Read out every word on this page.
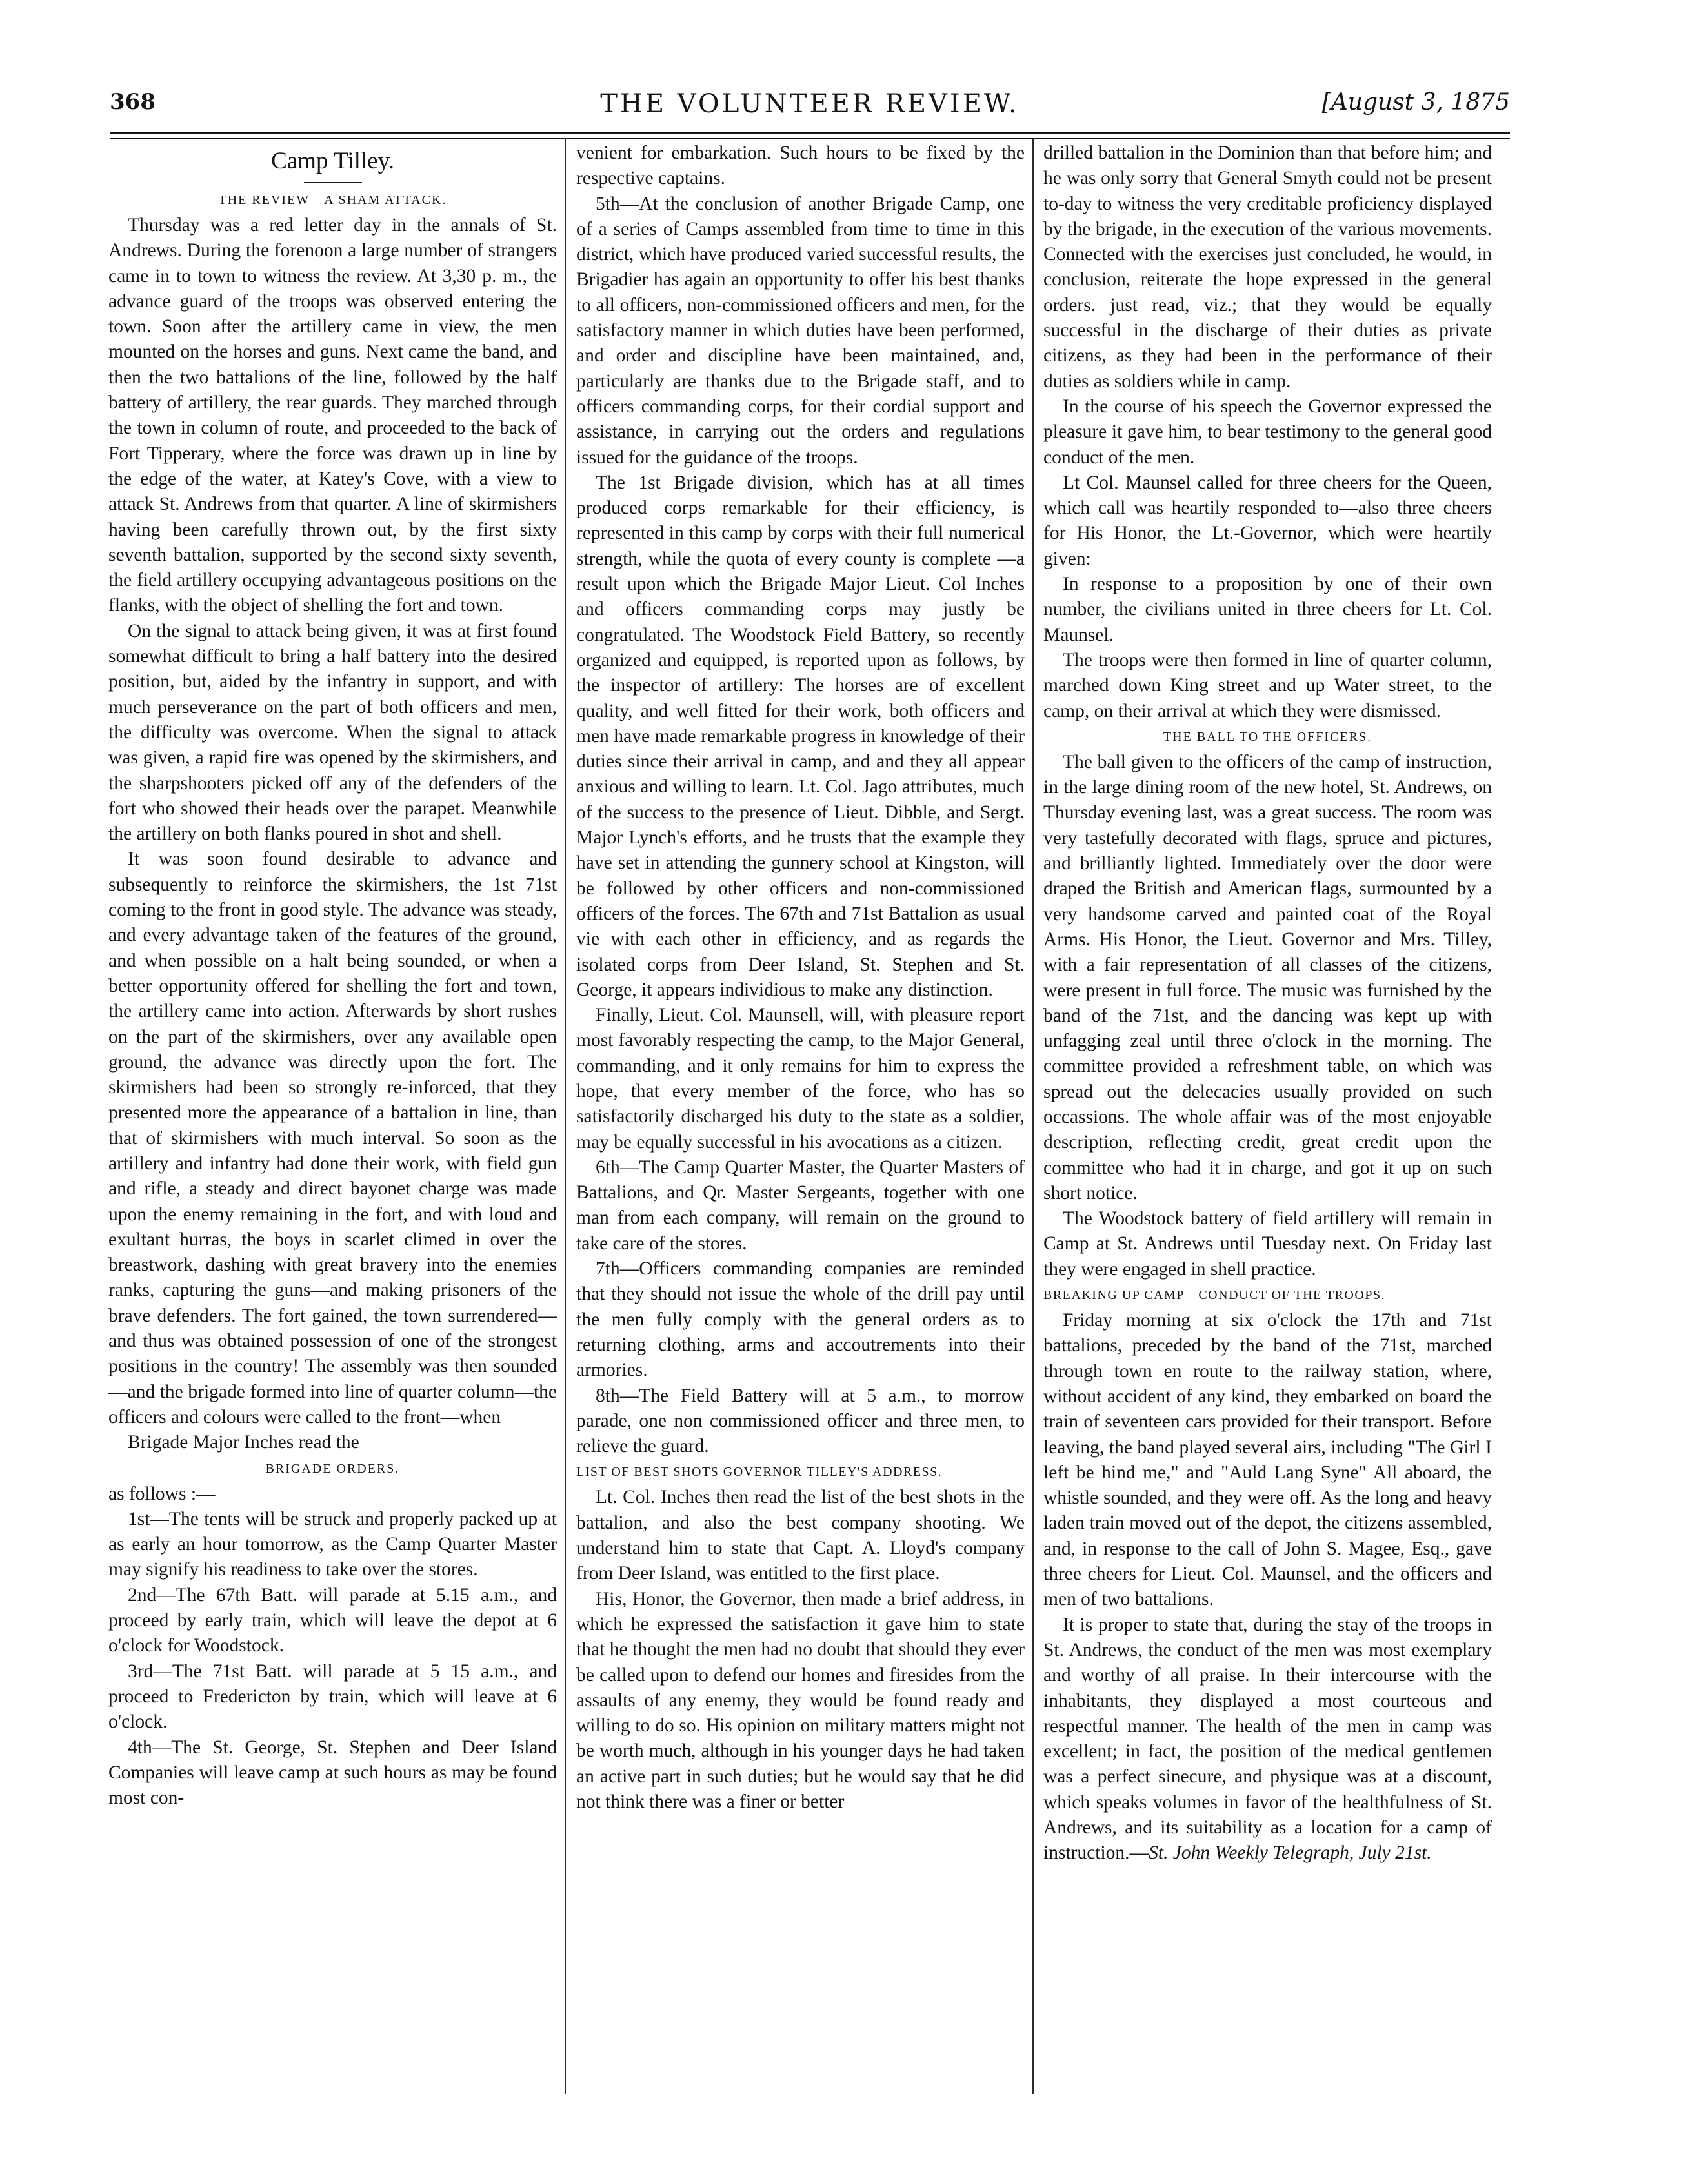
368	THE VOLUNTEER REVIEW.	[August 3, 1875
Camp Tilley.
THE REVIEW—A SHAM ATTACK.

Thursday was a red letter day in the annals of St. Andrews. During the forenoon a large number of strangers came in to town to witness the review. At 3,30 p. m., the advance guard of the troops was observed entering the town. Soon after the artillery came in view, the men mounted on the horses and guns. Next came the band, and then the two battalions of the line, followed by the half battery of artillery, the rear guards. They marched through the town in column of route, and proceeded to the back of Fort Tipperary, where the force was drawn up in line by the edge of the water, at Katey's Cove, with a view to attack St. Andrews from that quarter. A line of skirmishers having been carefully thrown out, by the first sixty seventh battalion, supported by the second sixty seventh, the field artillery occupying advantageous positions on the flanks, with the object of shelling the fort and town.

On the signal to attack being given, it was at first found somewhat difficult to bring a half battery into the desired position, but, aided by the infantry in support, and with much perseverance on the part of both officers and men, the difficulty was overcome. When the signal to attack was given, a rapid fire was opened by the skirmishers, and the sharpshooters picked off any of the defenders of the fort who showed their heads over the parapet. Meanwhile the artillery on both flanks poured in shot and shell.

It was soon found desirable to advance and subsequently to reinforce the skirmishers, the 1st 71st coming to the front in good style. The advance was steady, and every advantage taken of the features of the ground, and when possible on a halt being sounded, or when a better opportunity offered for shelling the fort and town, the artillery came into action. Afterwards by short rushes on the part of the skirmishers, over any available open ground, the advance was directly upon the fort. The skirmishers had been so strongly re-inforced, that they presented more the appearance of a battalion in line, than that of skirmishers with much interval. So soon as the artillery and infantry had done their work, with field gun and rifle, a steady and direct bayonet charge was made upon the enemy remaining in the fort, and with loud and exultant hurras, the boys in scarlet climed in over the breastwork, dashing with great bravery into the enemies ranks, capturing the guns—and making prisoners of the brave defenders. The fort gained, the town surrendered—and thus was obtained possession of one of the strongest positions in the country! The assembly was then sounded—and the brigade formed into line of quarter column—the officers and colours were called to the front—when

Brigade Major Inches read the

BRIGADE ORDERS.

as follows :—

1st—The tents will be struck and properly packed up at as early an hour tomorrow, as the Camp Quarter Master may signify his readiness to take over the stores.

2nd—The 67th Batt. will parade at 5.15 a.m., and proceed by early train, which will leave the depot at 6 o'clock for Woodstock.

3rd—The 71st Batt. will parade at 5 15 a.m., and proceed to Fredericton by train, which will leave at 6 o'clock.

4th—The St. George, St. Stephen and Deer Island Companies will leave camp at such hours as may be found most con-

venient for embarkation. Such hours to be fixed by the respective captains.

5th—At the conclusion of another Brigade Camp, one of a series of Camps assembled from time to time in this district, which have produced varied successful results, the Brigadier has again an opportunity to offer his best thanks to all officers, non-commissioned officers and men, for the satisfactory manner in which duties have been performed, and order and discipline have been maintained, and, particularly are thanks due to the Brigade staff, and to officers commanding corps, for their cordial support and assistance, in carrying out the orders and regulations issued for the guidance of the troops.

The 1st Brigade division, which has at all times produced corps remarkable for their efficiency, is represented in this camp by corps with their full numerical strength, while the quota of every county is complete —a result upon which the Brigade Major Lieut. Col Inches and officers commanding corps may justly be congratulated. The Woodstock Field Battery, so recently organized and equipped, is reported upon as follows, by the inspector of artillery: The horses are of excellent quality, and well fitted for their work, both officers and men have made remarkable progress in knowledge of their duties since their arrival in camp, and and they all appear anxious and willing to learn. Lt. Col. Jago attributes, much of the success to the presence of Lieut. Dibble, and Sergt. Major Lynch's efforts, and he trusts that the example they have set in attending the gunnery school at Kingston, will be followed by other officers and non-commissioned officers of the forces. The 67th and 71st Battalion as usual vie with each other in efficiency, and as regards the isolated corps from Deer Island, St. Stephen and St. George, it appears individious to make any distinction.

Finally, Lieut. Col. Maunsell, will, with pleasure report most favorably respecting the camp, to the Major General, commanding, and it only remains for him to express the hope, that every member of the force, who has so satisfactorily discharged his duty to the state as a soldier, may be equally successful in his avocations as a citizen.

6th—The Camp Quarter Master, the Quarter Masters of Battalions, and Qr. Master Sergeants, together with one man from each company, will remain on the ground to take care of the stores.

7th—Officers commanding companies are reminded that they should not issue the whole of the drill pay until the men fully comply with the general orders as to returning clothing, arms and accoutrements into their armories.

8th—The Field Battery will at 5 a.m., to morrow parade, one non commissioned officer and three men, to relieve the guard.

LIST OF BEST SHOTS GOVERNOR TILLEY'S ADDRESS.

Lt. Col. Inches then read the list of the best shots in the battalion, and also the best company shooting. We understand him to state that Capt. A. Lloyd's company from Deer Island, was entitled to the first place.

His, Honor, the Governor, then made a brief address, in which he expressed the satisfaction it gave him to state that he thought the men had no doubt that should they ever be called upon to defend our homes and firesides from the assaults of any enemy, they would be found ready and willing to do so. His opinion on military matters might not be worth much, although in his younger days he had taken an active part in such duties; but he would say that he did not think there was a finer or better

drilled battalion in the Dominion than that before him; and he was only sorry that General Smyth could not be present to-day to witness the very creditable proficiency displayed by the brigade, in the execution of the various movements. Connected with the exercises just concluded, he would, in conclusion, reiterate the hope expressed in the general orders. just read, viz.; that they would be equally successful in the discharge of their duties as private citizens, as they had been in the performance of their duties as soldiers while in camp.

In the course of his speech the Governor expressed the pleasure it gave him, to bear testimony to the general good conduct of the men.

Lt Col. Maunsel called for three cheers for the Queen, which call was heartily responded to—also three cheers for His Honor, the Lt.-Governor, which were heartily given:

In response to a proposition by one of their own number, the civilians united in three cheers for Lt. Col. Maunsel.

The troops were then formed in line of quarter column, marched down King street and up Water street, to the camp, on their arrival at which they were dismissed.

THE BALL TO THE OFFICERS.

The ball given to the officers of the camp of instruction, in the large dining room of the new hotel, St. Andrews, on Thursday evening last, was a great success. The room was very tastefully decorated with flags, spruce and pictures, and brilliantly lighted. Immediately over the door were draped the British and American flags, surmounted by a very handsome carved and painted coat of the Royal Arms. His Honor, the Lieut. Governor and Mrs. Tilley, with a fair representation of all classes of the citizens, were present in full force. The music was furnished by the band of the 71st, and the dancing was kept up with unfagging zeal until three o'clock in the morning. The committee provided a refreshment table, on which was spread out the delecacies usually provided on such occassions. The whole affair was of the most enjoyable description, reflecting credit, great credit upon the committee who had it in charge, and got it up on such short notice.

The Woodstock battery of field artillery will remain in Camp at St. Andrews until Tuesday next. On Friday last they were engaged in shell practice.

BREAKING UP CAMP—CONDUCT OF THE TROOPS.

Friday morning at six o'clock the 17th and 71st battalions, preceded by the band of the 71st, marched through town en route to the railway station, where, without accident of any kind, they embarked on board the train of seventeen cars provided for their transport. Before leaving, the band played several airs, including "The Girl I left be hind me," and "Auld Lang Syne" All aboard, the whistle sounded, and they were off. As the long and heavy laden train moved out of the depot, the citizens assembled, and, in response to the call of John S. Magee, Esq., gave three cheers for Lieut. Col. Maunsel, and the officers and men of two battalions.

It is proper to state that, during the stay of the troops in St. Andrews, the conduct of the men was most exemplary and worthy of all praise. In their intercourse with the inhabitants, they displayed a most courteous and respectful manner. The health of the men in camp was excellent; in fact, the position of the medical gentlemen was a perfect sinecure, and physique was at a discount, which speaks volumes in favor of the healthfulness of St. Andrews, and its suitability as a location for a camp of instruction.—St. John Weekly Telegraph, July 21st.
